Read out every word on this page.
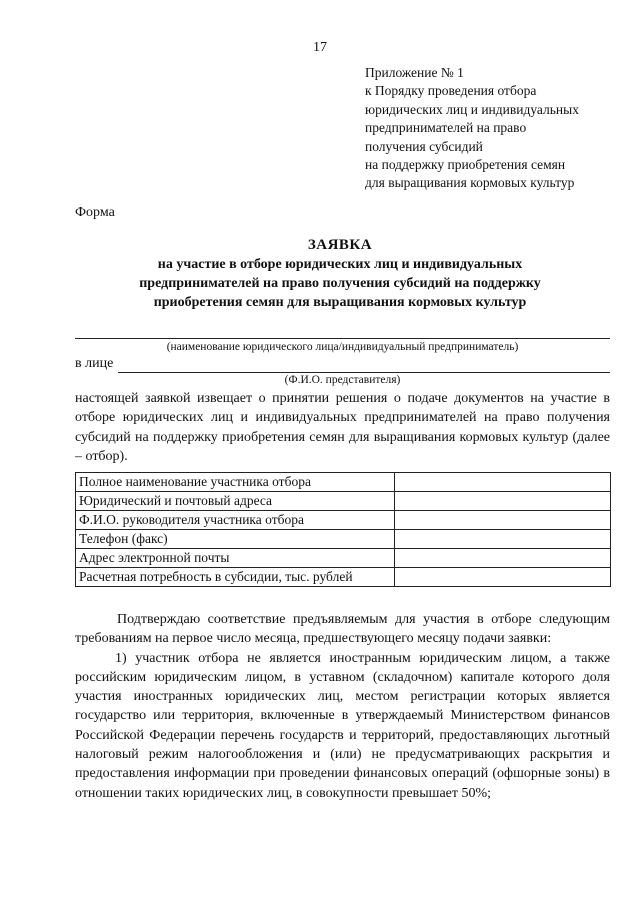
17
Приложение № 1
к Порядку проведения отбора
юридических лиц и индивидуальных
предпринимателей на право
получения субсидий
на поддержку приобретения семян
для выращивания кормовых культур
Форма
ЗАЯВКА
на участие в отборе юридических лиц и индивидуальных
предпринимателей на право получения субсидий на поддержку
приобретения семян для выращивания кормовых культур
(наименование юридического лица/индивидуальный предприниматель)
в лице
(Ф.И.О. представителя)

настоящей заявкой извещает о принятии решения о подаче документов на участие в отборе юридических лиц и индивидуальных предпринимателей на право получения субсидий на поддержку приобретения семян для выращивания кормовых культур (далее – отбор).

Полное наименование участника отбора	
Юридический и почтовый адреса	
Ф.И.О. руководителя участника отбора	
Телефон (факс)	
Адрес электронной почты	
Расчетная потребность в субсидии, тыс. рублей	

Подтверждаю соответствие предъявляемым для участия в отборе следующим требованиям на первое число месяца, предшествующего месяцу подачи заявки:

1) участник отбора не является иностранным юридическим лицом, а также российским юридическим лицом, в уставном (складочном) капитале которого доля участия иностранных юридических лиц, местом регистрации которых является государство или территория, включенные в утверждаемый Министерством финансов Российской Федерации перечень государств и территорий, предоставляющих льготный налоговый режим налогообложения и (или) не предусматривающих раскрытия и предоставления информации при проведении финансовых операций (офшорные зоны) в отношении таких юридических лиц, в совокупности превышает 50%;
